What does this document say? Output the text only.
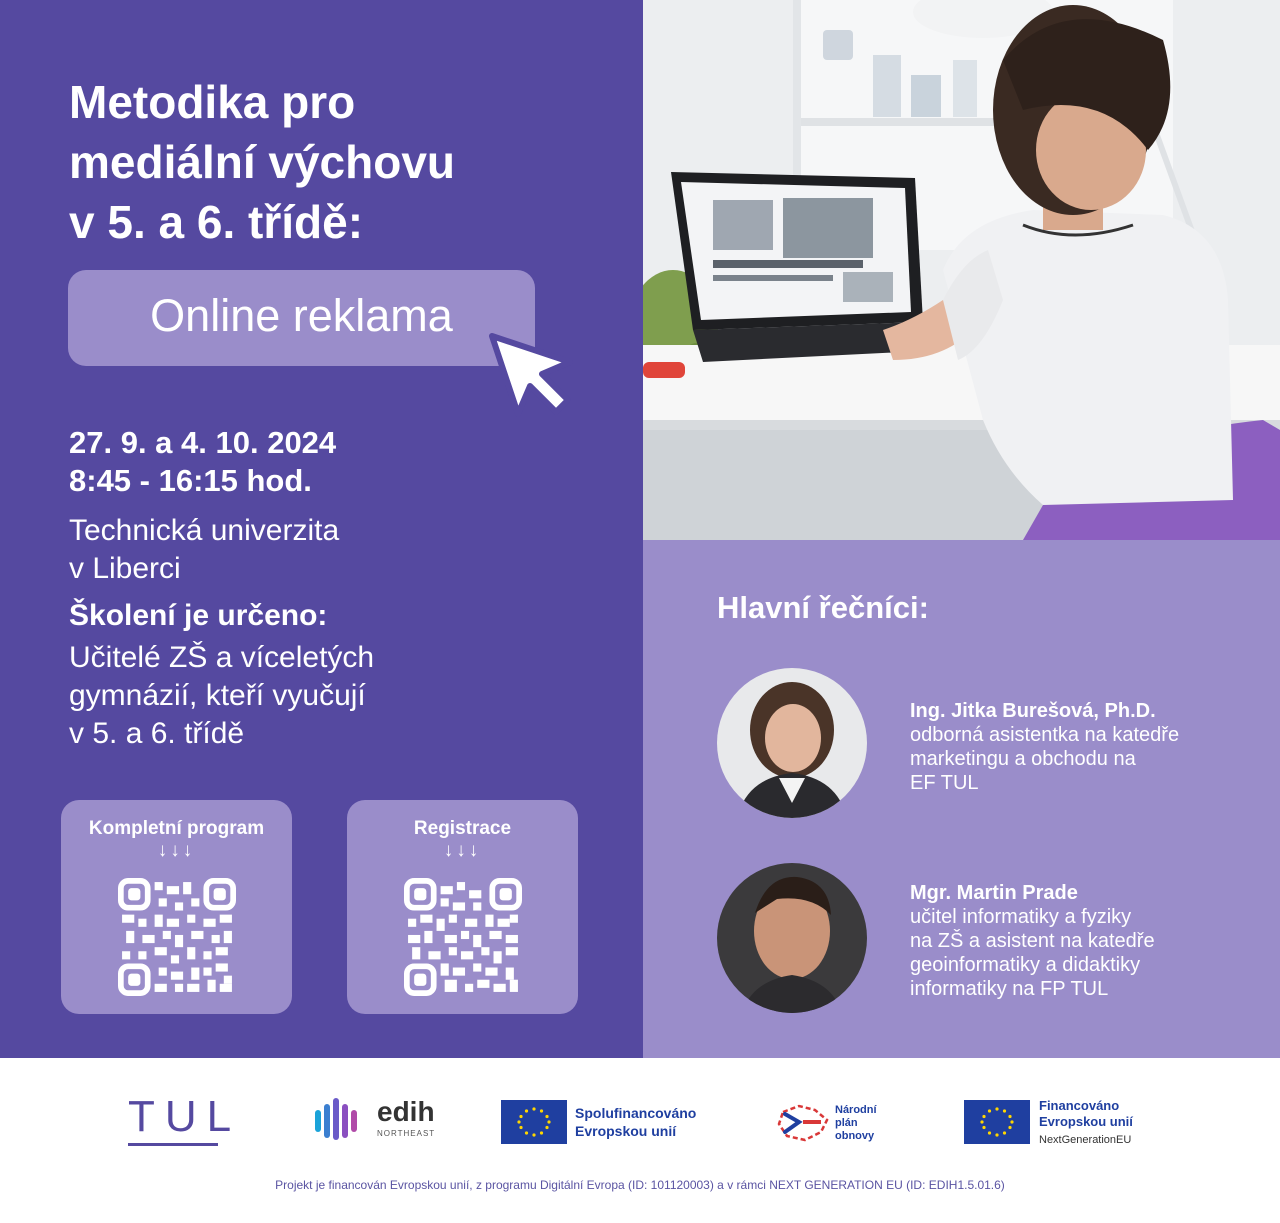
Metodika pro
mediální výchovu
v 5. a 6. třídě:
Online reklama
27. 9. a 4. 10. 2024
8:45 - 16:15 hod.
Technická univerzita
v Liberci
Školení je určeno:
Učitelé ZŠ a víceletých
gymnázií, kteří vyučují
v 5. a 6. třídě
Kompletní program
↓↓↓
Registrace
↓↓↓
Hlavní řečníci:
Ing. Jitka Burešová, Ph.D.
odborná asistentka na katedře
marketingu a obchodu na
EF TUL
Mgr. Martin Prade
učitel informatiky a fyziky
na ZŠ a asistent na katedře
geoinformatiky a didaktiky
informatiky na FP TUL
TUL	edih
NORTHEAST
Spolufinancováno
Evropskou unií
Národní
plán
obnovy
Financováno
Evropskou unií
NextGenerationEU
Projekt je financován Evropskou unií, z programu Digitální Evropa (ID: 101120003) a v rámci NEXT GENERATION EU (ID: EDIH1.5.01.6)
